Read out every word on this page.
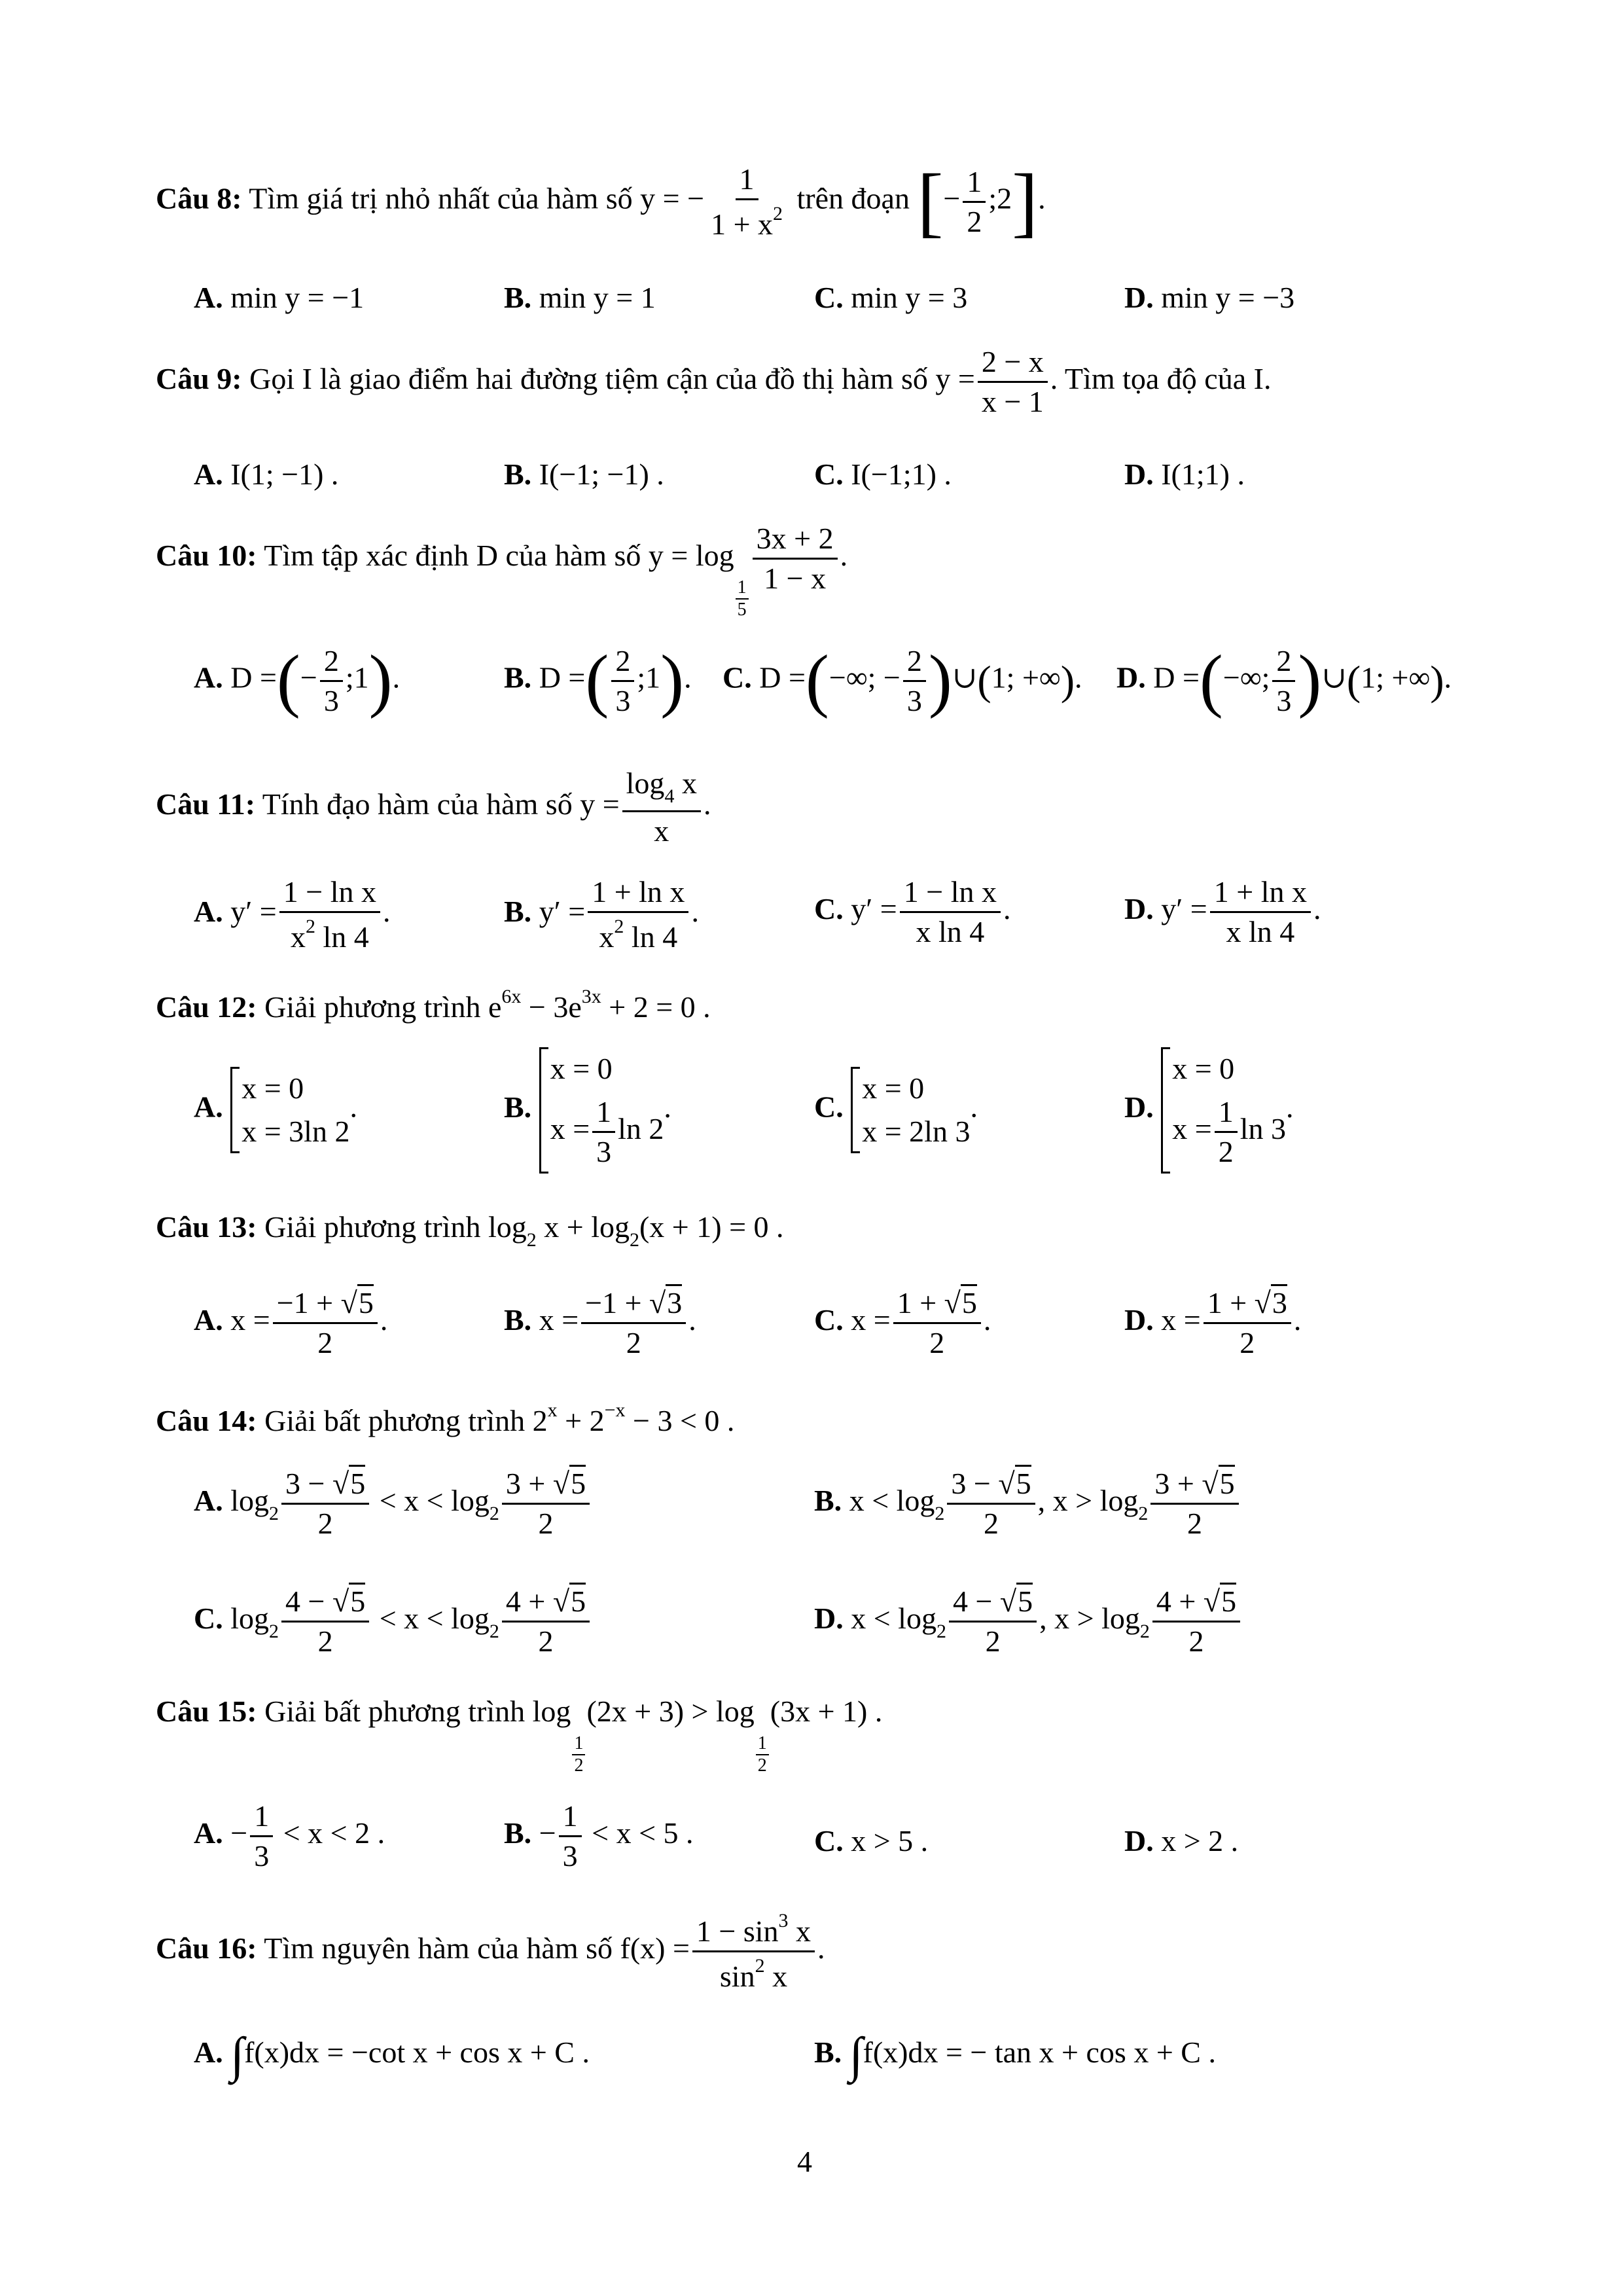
Câu 8: Tìm giá trị nhỏ nhất của hàm số y = − $\frac{1}{1 + x^2}$ trên đoạn [− $\frac{1}{2}$ ;2].
A. min y = −1	B. min y = 1	C. min y = 3	D. min y = −3
Câu 9: Gọi I là giao điểm hai đường tiệm cận của đồ thị hàm số $y = \frac{2 - x}{x - 1}$ . Tìm tọa độ của I.
A. I(1; −1) .	B. I(−1; −1) .	C. I(−1;1) .	D. I(1;1) .
Câu 10: Tìm tập xác định D của hàm số y = log
$\frac{1}{5}$
$\frac{3x + 2}{1 - x}$ .
A. D =(− $\frac{2}{3}$ ;1).	B. D =( $\frac{2}{3}$ ;1). C. D =(−∞; − $\frac{2}{3}$ )∪(1; +∞). D. D =(−∞; $\frac{2}{3}$ )∪(1; +∞).
Câu 11: Tính đạo hàm của hàm số $y = \frac{\log_4 x}{x}$ .
A. $y' = \frac{\text{1 − ln x}}{x^2 \ln 4}$ .	B. $y' = \frac{\text{1 + ln x}}{x^2 \ln 4}$ .	C. $y' = \frac{\text{1 − ln x}}{\text{x ln 4}}$ .	D. $y' = \frac{\text{1 + ln x}}{\text{x ln 4}}$ .
Câu 12: Giải phương trình $e^{6x} - 3e^{3x} + 2 = 0$ .
A.
x = 0
x = 3ln 2
.	B.
x = 0
$x = \frac{1}{3}$ ln 2
.	C.
x = 0
x = 2ln 3
.	D.
x = 0
$x = \frac{1}{2}$ ln 3
.
Câu 13: Giải phương trình $\log_2 x + \log_2(x + 1) = 0$ .
A. $x = \frac{-1 + √5}{2}$ .	B. $x = \frac{-1 + √3}{2}$ .	C. $x = \frac{1 + √5}{2}$ .	D. $x = \frac{1 + √3}{2}$ .
Câu 14: Giải bất phương trình $2^x + 2^{-x} - 3 < 0$ .
A. $\log_2 \frac{3 - √5}{2} < x < \log_2 \frac{3 + √5}{2}$	B. $x < \log_2 \frac{3 - √5}{2}$ , $x > \log_2 \frac{3 + √5}{2}$
C. $\log_2 \frac{4 - √5}{2} < x < \log_2 \frac{4 + √5}{2}$	D. $x < \log_2 \frac{4 - √5}{2}$ , $x > \log_2 \frac{4 + √5}{2}$
Câu 15: Giải bất phương trình log
$\frac{1}{2}$
(2x + 3) > log
$\frac{1}{2}$
(3x + 1) .
A. − $\frac{1}{3} < x < 2$ .	B. − $\frac{1}{3} < x < 5$ .	C. x > 5 .	D. x > 2 .
Câu 16: Tìm nguyên hàm của hàm số $f(x) = \frac{1 - \sin^3 x}{\sin^2 x}$ .
A. ∫f(x)dx = −cot x + cos x + C .	B. ∫f(x)dx = − tan x + cos x + C .
4
